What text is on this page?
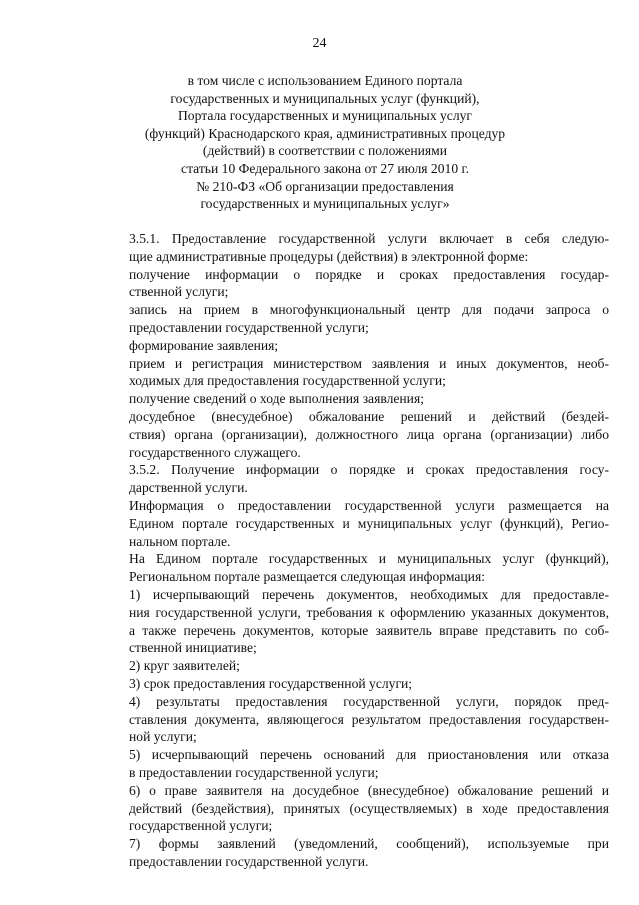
24
в том числе с использованием Единого портала
государственных и муниципальных услуг (функций),
Портала государственных и муниципальных услуг
(функций) Краснодарского края, административных процедур
(действий) в соответствии с положениями
статьи 10 Федерального закона от 27 июля 2010 г.
№ 210-ФЗ «Об организации предоставления
государственных и муниципальных услуг»

3.5.1. Предоставление государственной услуги включает в себя следую-
щие административные процедуры (действия) в электронной форме:

получение информации о порядке и сроках предоставления государ-
ственной услуги;

запись на прием в многофункциональный центр для подачи запроса о
предоставлении государственной услуги;

формирование заявления;

прием и регистрация министерством заявления и иных документов, необ-
ходимых для предоставления государственной услуги;

получение сведений о ходе выполнения заявления;

досудебное (внесудебное) обжалование решений и действий (бездей-
ствия) органа (организации), должностного лица органа (организации) либо
государственного служащего.

3.5.2. Получение информации о порядке и сроках предоставления госу-
дарственной услуги.

Информация о предоставлении государственной услуги размещается на
Едином портале государственных и муниципальных услуг (функций), Регио-
нальном портале.

На Едином портале государственных и муниципальных услуг (функций),
Региональном портале размещается следующая информация:

1) исчерпывающий перечень документов, необходимых для предоставле-
ния государственной услуги, требования к оформлению указанных документов,
а также перечень документов, которые заявитель вправе представить по соб-
ственной инициативе;

2) круг заявителей;

3) срок предоставления государственной услуги;

4) результаты предоставления государственной услуги, порядок пред-
ставления документа, являющегося результатом предоставления государствен-
ной услуги;

5) исчерпывающий перечень оснований для приостановления или отказа
в предоставлении государственной услуги;

6) о праве заявителя на досудебное (внесудебное) обжалование решений и
действий (бездействия), принятых (осуществляемых) в ходе предоставления
государственной услуги;

7) формы заявлений (уведомлений, сообщений), используемые при
предоставлении государственной услуги.
